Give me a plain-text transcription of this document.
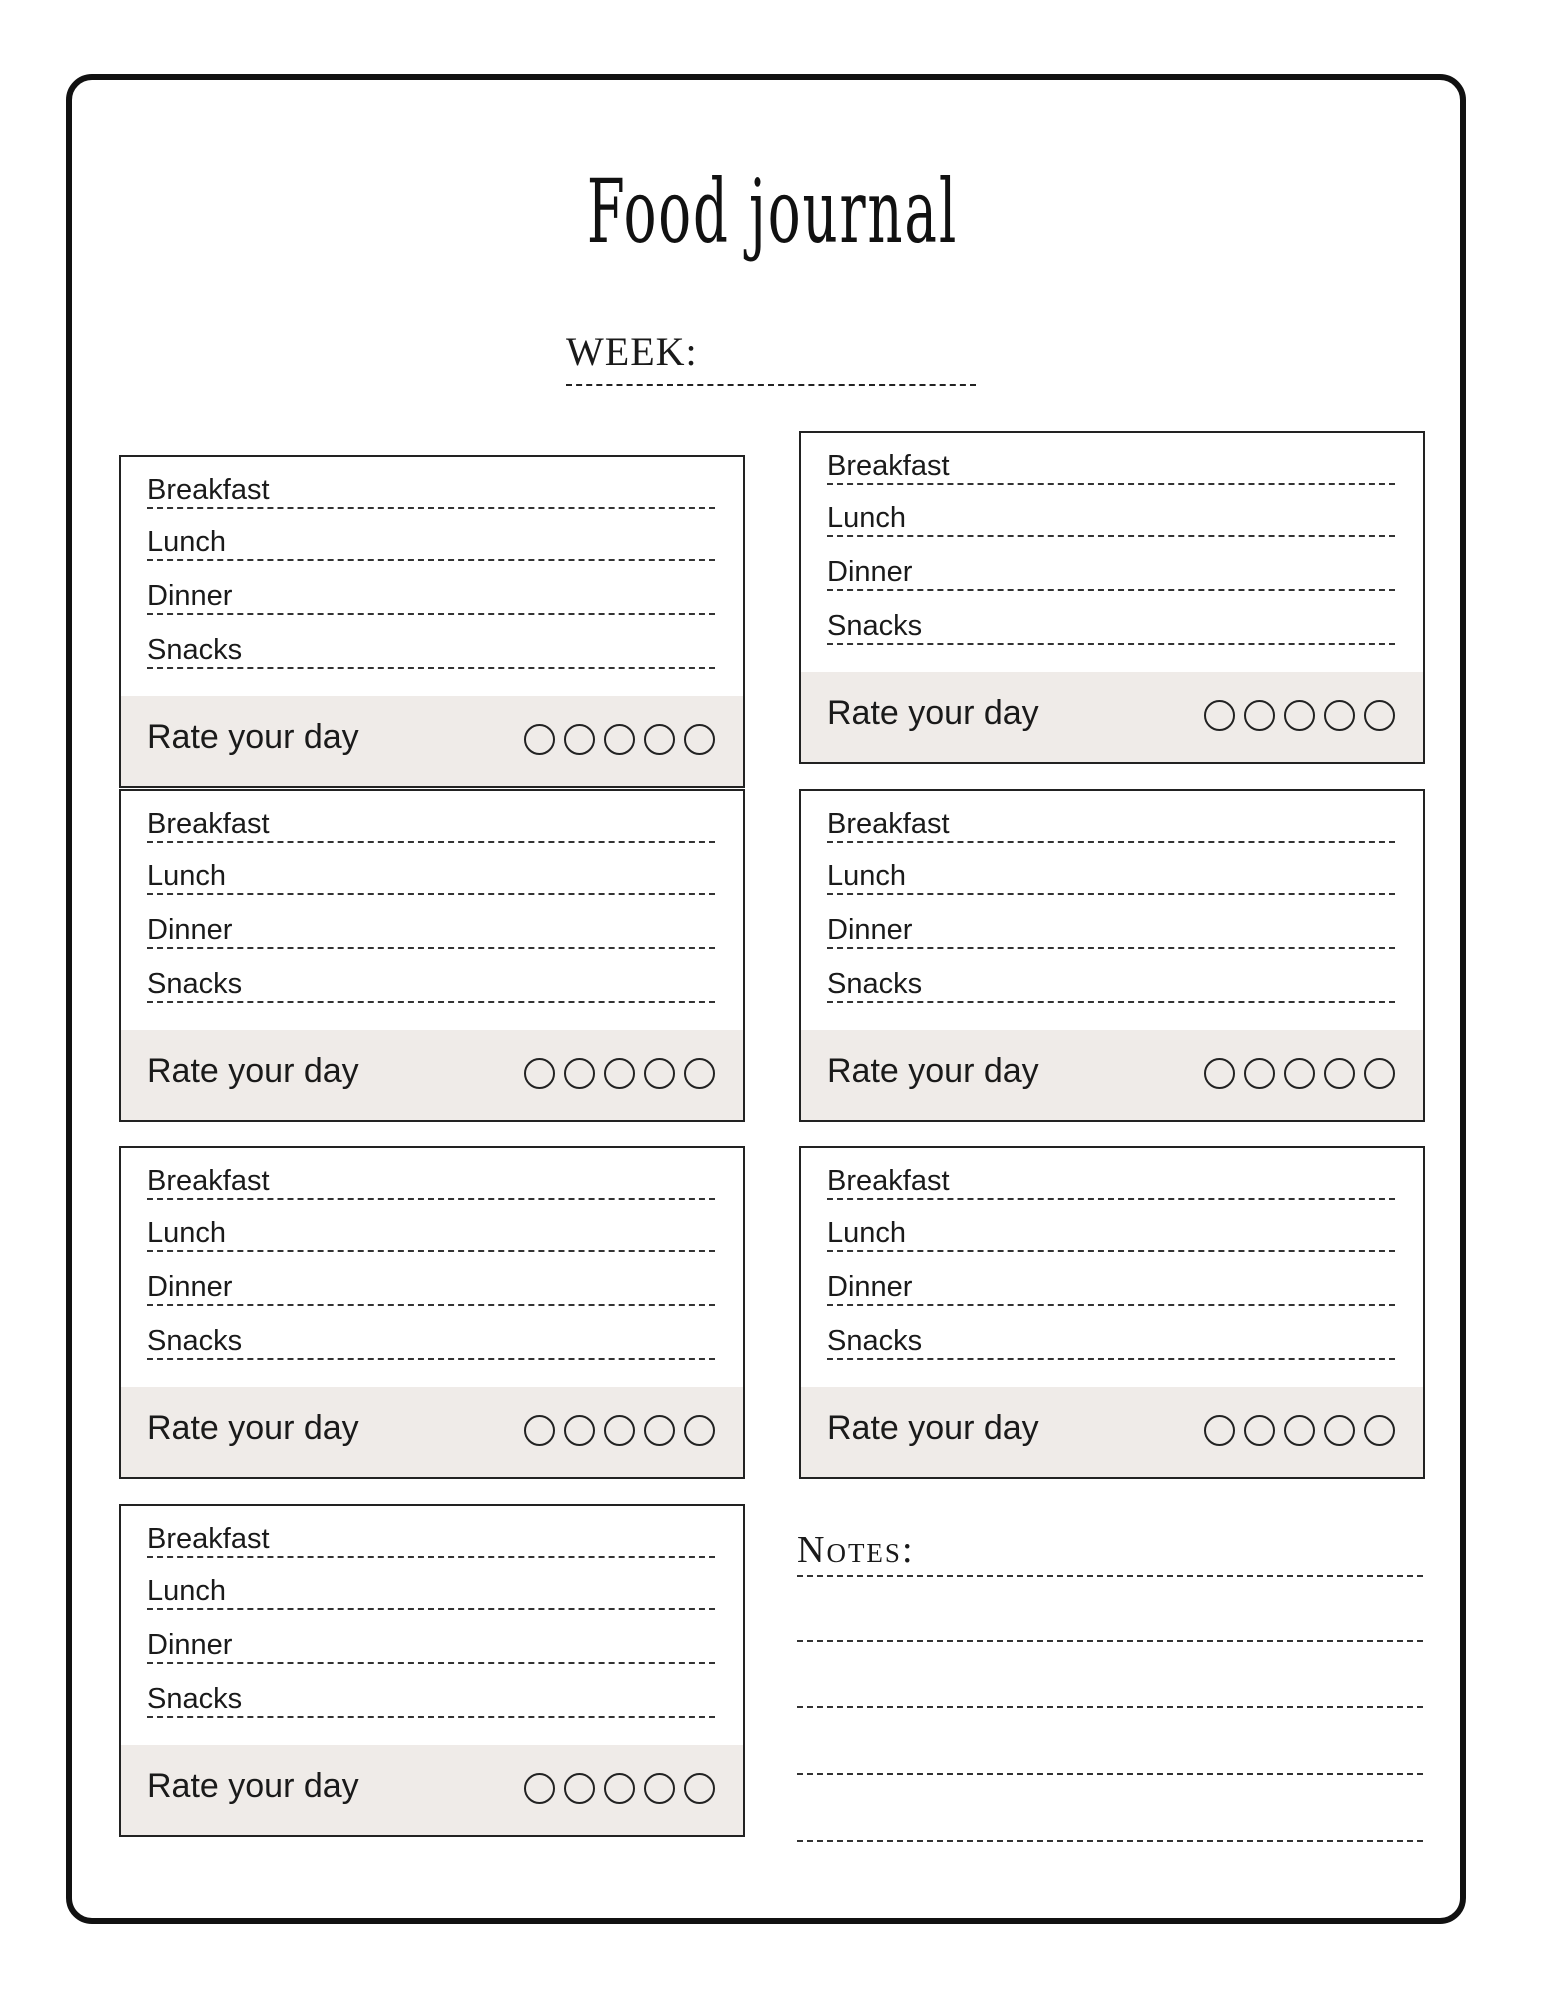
Food journal
WEEK:
Breakfast
Lunch
Dinner
Snacks
Rate your day
Breakfast
Lunch
Dinner
Snacks
Rate your day
Breakfast
Lunch
Dinner
Snacks
Rate your day
Breakfast
Lunch
Dinner
Snacks
Rate your day
Breakfast
Lunch
Dinner
Snacks
Rate your day
Breakfast
Lunch
Dinner
Snacks
Rate your day
Breakfast
Lunch
Dinner
Snacks
Rate your day
Notes:
